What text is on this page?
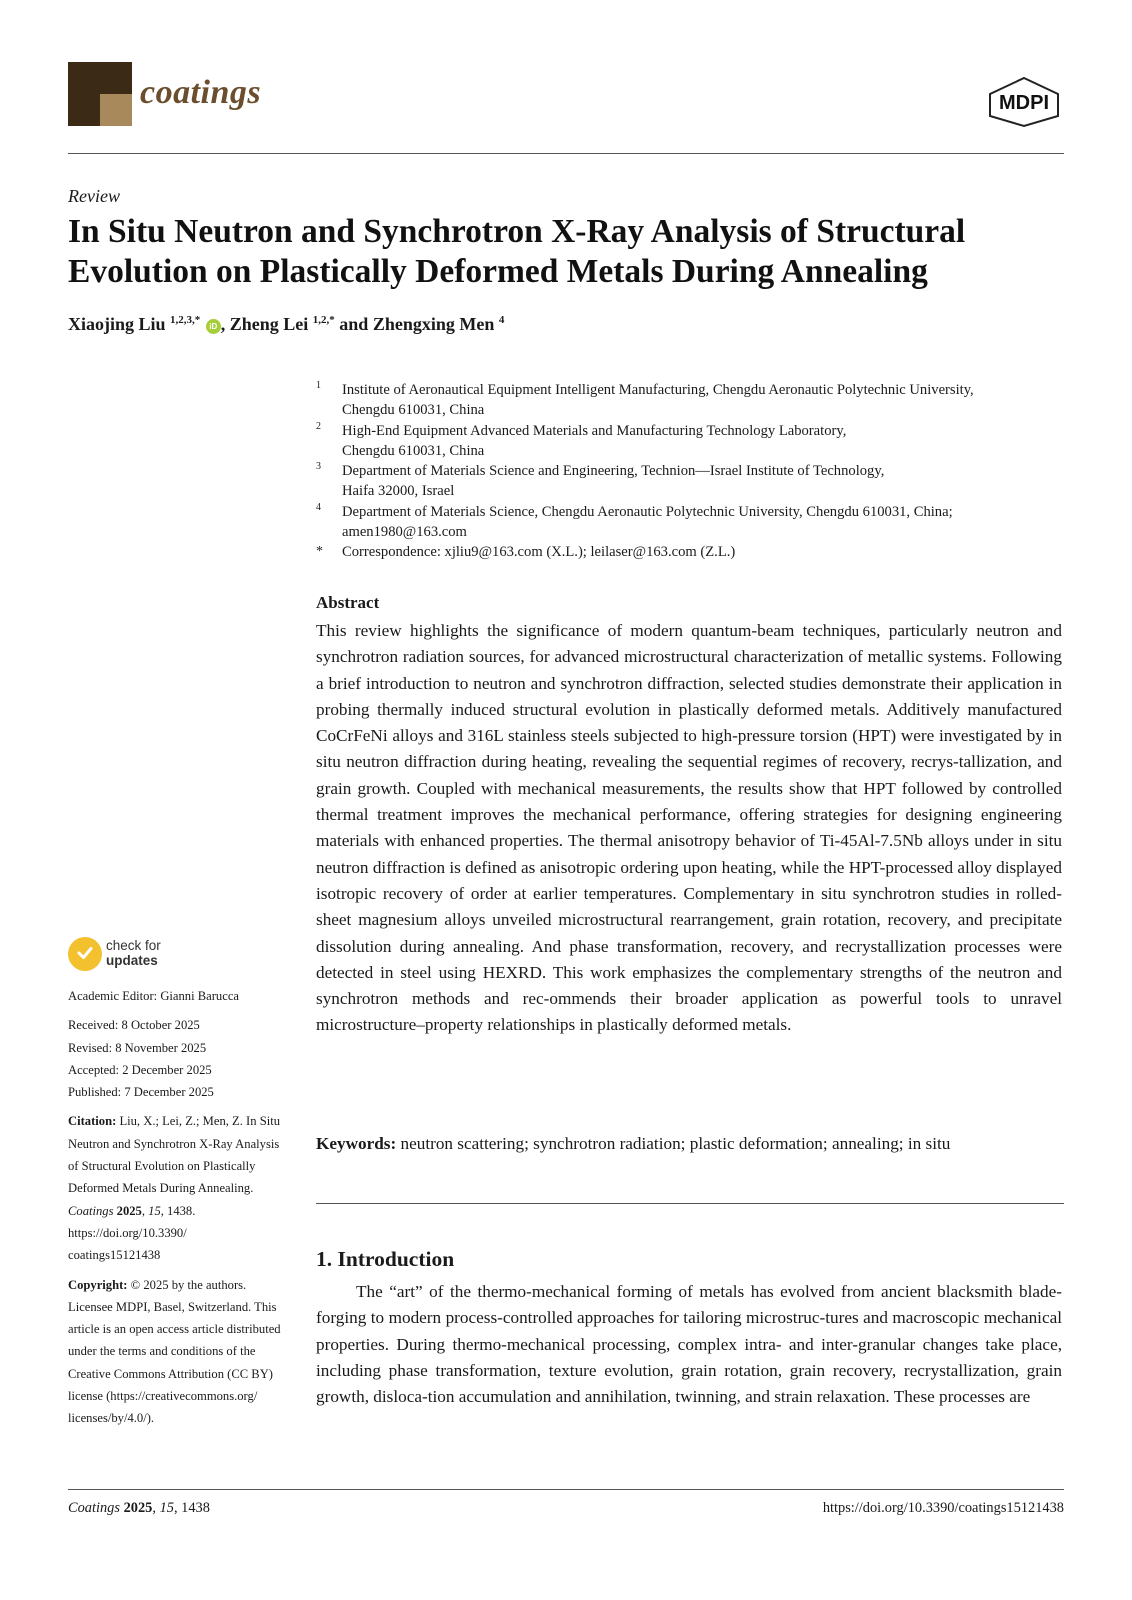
coatings	MDPI
Review
In Situ Neutron and Synchrotron X-Ray Analysis of Structural Evolution on Plastically Deformed Metals During Annealing
Xiaojing Liu $^{1,2,3,*}$ iD , Zheng Lei $^{1,2,*}$ and Zhengxing Men $^4$
1 Institute of Aeronautical Equipment Intelligent Manufacturing, Chengdu Aeronautic Polytechnic University,
Chengdu 610031, China
2 High-End Equipment Advanced Materials and Manufacturing Technology Laboratory,
Chengdu 610031, China
3 Department of Materials Science and Engineering, Technion—Israel Institute of Technology,
Haifa 32000, Israel
4 Department of Materials Science, Chengdu Aeronautic Polytechnic University, Chengdu 610031, China;
amen1980@163.com
* Correspondence: xjliu9@163.com (X.L.); leilaser@163.com (Z.L.)
Abstract
This review highlights the significance of modern quantum-beam techniques, particularly neutron and synchrotron radiation sources, for advanced microstructural characterization of metallic systems. Following a brief introduction to neutron and synchrotron diffraction, selected studies demonstrate their application in probing thermally induced structural evolution in plastically deformed metals. Additively manufactured CoCrFeNi alloys and 316L stainless steels subjected to high-pressure torsion (HPT) were investigated by in situ neutron diffraction during heating, revealing the sequential regimes of recovery, recrys-tallization, and grain growth. Coupled with mechanical measurements, the results show that HPT followed by controlled thermal treatment improves the mechanical performance, offering strategies for designing engineering materials with enhanced properties. The thermal anisotropy behavior of Ti-45Al-7.5Nb alloys under in situ neutron diffraction is defined as anisotropic ordering upon heating, while the HPT-processed alloy displayed isotropic recovery of order at earlier temperatures. Complementary in situ synchrotron studies in rolled-sheet magnesium alloys unveiled microstructural rearrangement, grain rotation, recovery, and precipitate dissolution during annealing. And phase transformation, recovery, and recrystallization processes were detected in steel using HEXRD. This work emphasizes the complementary strengths of the neutron and synchrotron methods and rec-ommends their broader application as powerful tools to unravel microstructure–property relationships in plastically deformed metals.
Keywords: neutron scattering; synchrotron radiation; plastic deformation; annealing; in situ
1. Introduction
The “art” of the thermo-mechanical forming of metals has evolved from ancient blacksmith blade-forging to modern process-controlled approaches for tailoring microstruc-tures and macroscopic mechanical properties. During thermo-mechanical processing, complex intra- and inter-granular changes take place, including phase transformation, texture evolution, grain rotation, grain recovery, recrystallization, grain growth, disloca-tion accumulation and annihilation, twinning, and strain relaxation. These processes are
check for
updates

Academic Editor: Gianni Barucca

Received: 8 October 2025

Revised: 8 November 2025

Accepted: 2 December 2025

Published: 7 December 2025

Citation: Liu, X.; Lei, Z.; Men, Z. In Situ Neutron and Synchrotron X-Ray Analysis of Structural Evolution on Plastically Deformed Metals During Annealing. Coatings 2025, 15, 1438.
https://doi.org/10.3390/
coatings15121438

Copyright: © 2025 by the authors. Licensee MDPI, Basel, Switzerland. This article is an open access article distributed under the terms and conditions of the Creative Commons Attribution (CC BY) license (https://creativecommons.org/ licenses/by/4.0/).

Coatings 2025, 15, 1438	https://doi.org/10.3390/coatings15121438
